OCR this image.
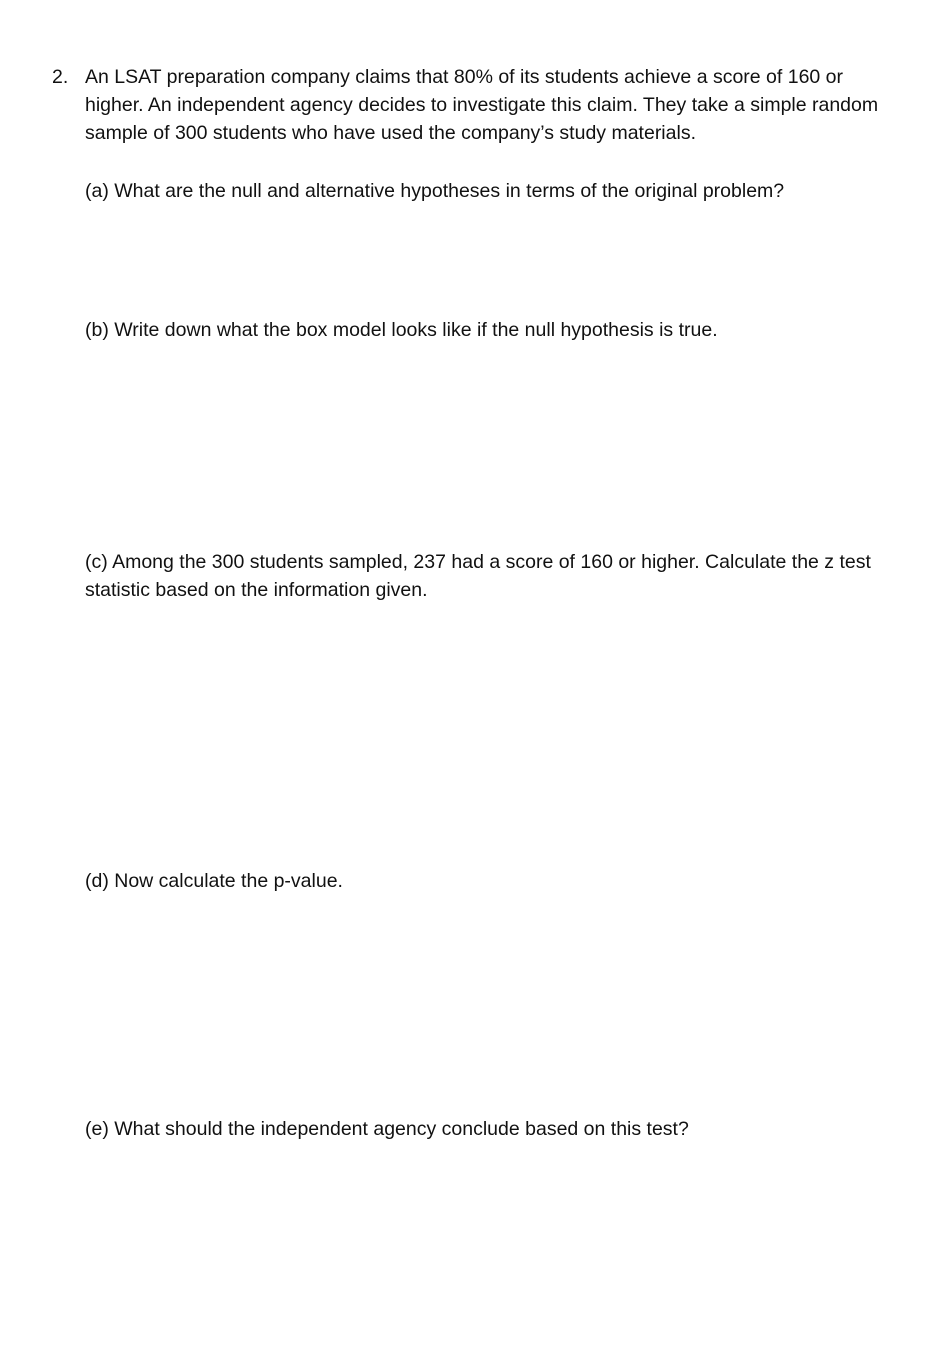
2. An LSAT preparation company claims that 80% of its students achieve a score of 160 or higher. An independent agency decides to investigate this claim. They take a simple random sample of 300 students who have used the company’s study materials.

(a) What are the null and alternative hypotheses in terms of the original problem?

(b) Write down what the box model looks like if the null hypothesis is true.

(c) Among the 300 students sampled, 237 had a score of 160 or higher. Calculate the z test statistic based on the information given.

(d) Now calculate the p-value.

(e) What should the independent agency conclude based on this test?
